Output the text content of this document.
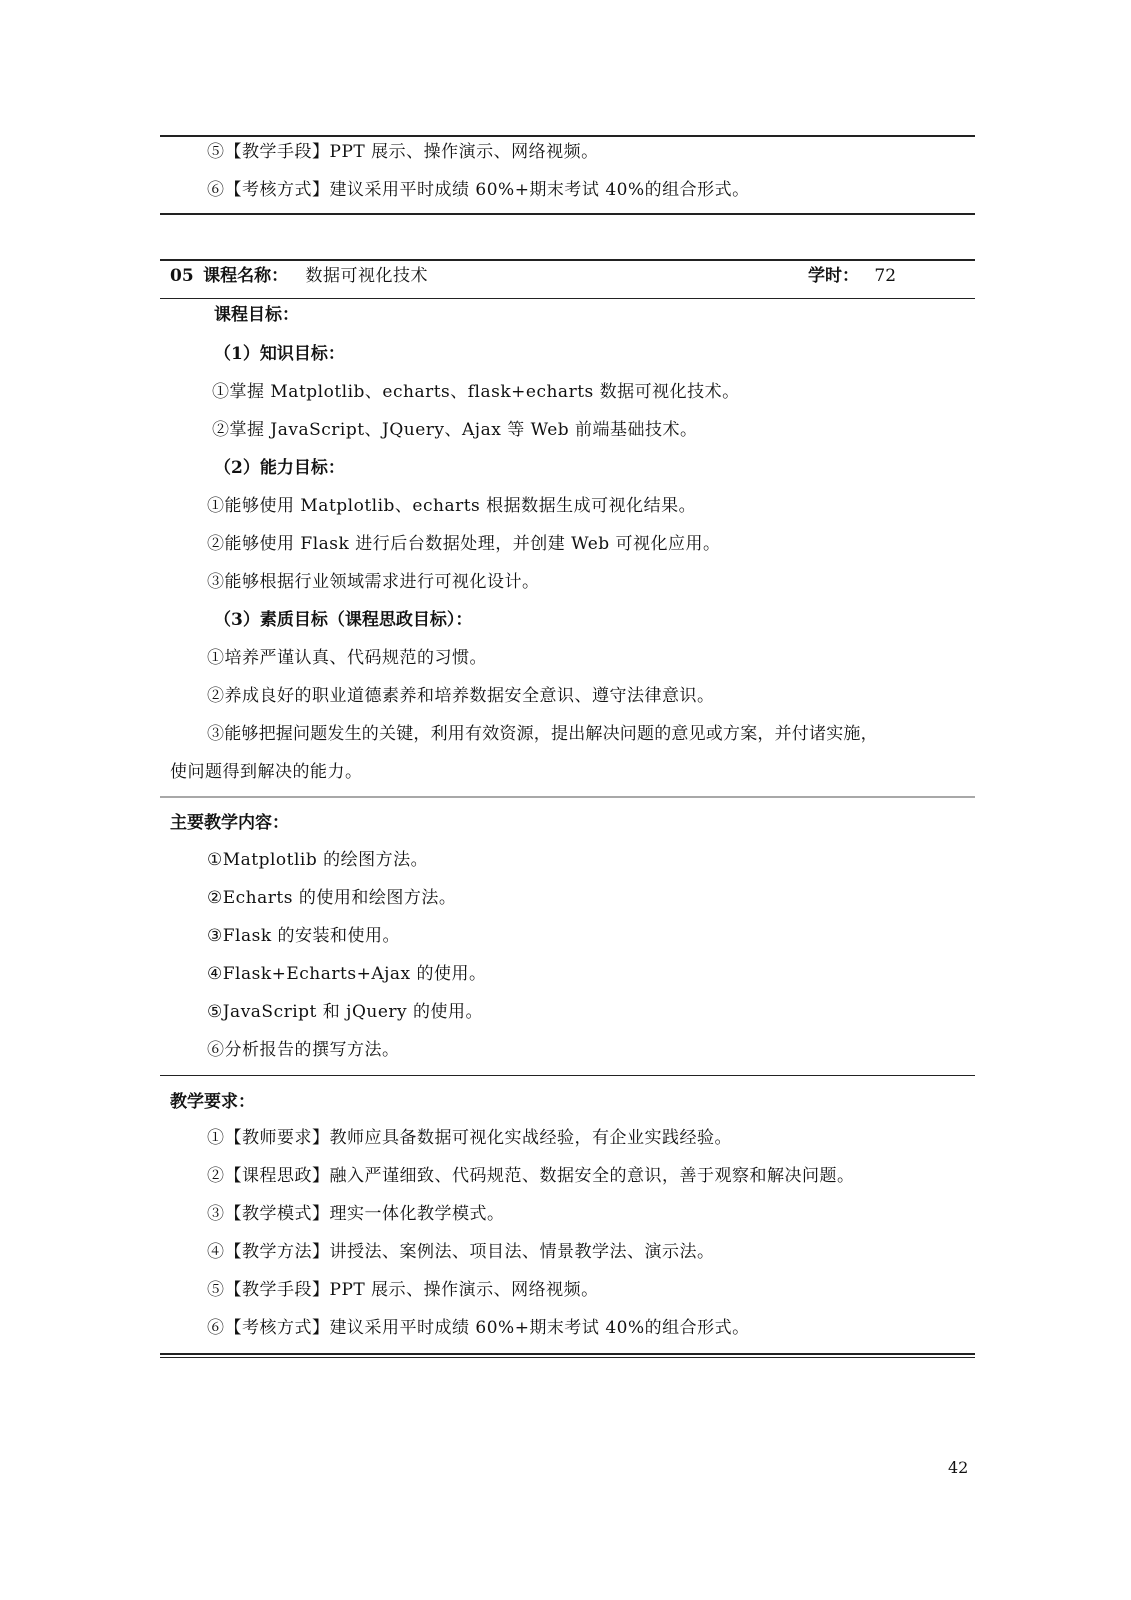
⑤【教学手段】PPT 展示、操作演示、网络视频。
⑥【考核方式】建议采用平时成绩 60%+期末考试 40%的组合形式。
05 课程名称： 数据可视化技术	学时： 72
课程目标：
（1）知识目标：
①掌握 Matplotlib、echarts、flask+echarts 数据可视化技术。
②掌握 JavaScript、JQuery、Ajax 等 Web 前端基础技术。
（2）能力目标：
①能够使用 Matplotlib、echarts 根据数据生成可视化结果。
②能够使用 Flask 进行后台数据处理，并创建 Web 可视化应用。
③能够根据行业领域需求进行可视化设计。
（3）素质目标（课程思政目标）：
①培养严谨认真、代码规范的习惯。
②养成良好的职业道德素养和培养数据安全意识、遵守法律意识。
③能够把握问题发生的关键，利用有效资源，提出解决问题的意见或方案，并付诸实施，
使问题得到解决的能力。
主要教学内容：
①Matplotlib 的绘图方法。
②Echarts 的使用和绘图方法。
③Flask 的安装和使用。
④Flask+Echarts+Ajax 的使用。
⑤JavaScript 和 jQuery 的使用。
⑥分析报告的撰写方法。
教学要求：
①【教师要求】教师应具备数据可视化实战经验，有企业实践经验。
②【课程思政】融入严谨细致、代码规范、数据安全的意识，善于观察和解决问题。
③【教学模式】理实一体化教学模式。
④【教学方法】讲授法、案例法、项目法、情景教学法、演示法。
⑤【教学手段】PPT 展示、操作演示、网络视频。
⑥【考核方式】建议采用平时成绩 60%+期末考试 40%的组合形式。
42
